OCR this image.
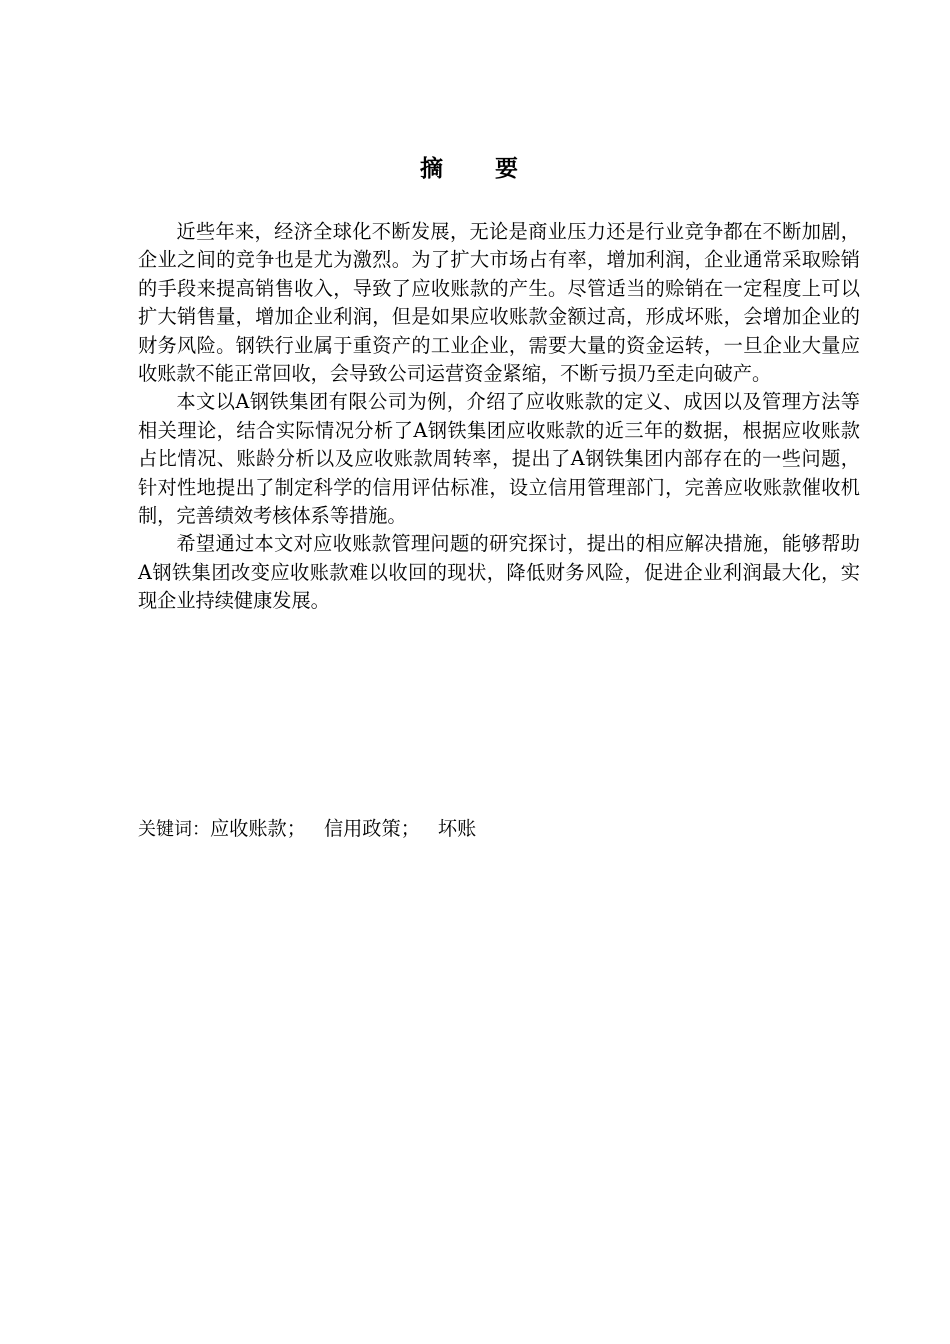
摘要

近些年来，经济全球化不断发展，无论是商业压力还是行业竞争都在不断加剧，企业之间的竞争也是尤为激烈。为了扩大市场占有率，增加利润，企业通常采取赊销的手段来提高销售收入，导致了应收账款的产生。尽管适当的赊销在一定程度上可以扩大销售量，增加企业利润，但是如果应收账款金额过高，形成坏账，会增加企业的财务风险。钢铁行业属于重资产的工业企业，需要大量的资金运转，一旦企业大量应收账款不能正常回收，会导致公司运营资金紧缩，不断亏损乃至走向破产。

本文以A钢铁集团有限公司为例，介绍了应收账款的定义、成因以及管理方法等相关理论，结合实际情况分析了A钢铁集团应收账款的近三年的数据，根据应收账款占比情况、账龄分析以及应收账款周转率，提出了A钢铁集团内部存在的一些问题，针对性地提出了制定科学的信用评估标准，设立信用管理部门，完善应收账款催收机制，完善绩效考核体系等措施。

希望通过本文对应收账款管理问题的研究探讨，提出的相应解决措施，能够帮助A钢铁集团改变应收账款难以收回的现状，降低财务风险，促进企业利润最大化，实现企业持续健康发展。

关键词：应收账款； 信用政策； 坏账
